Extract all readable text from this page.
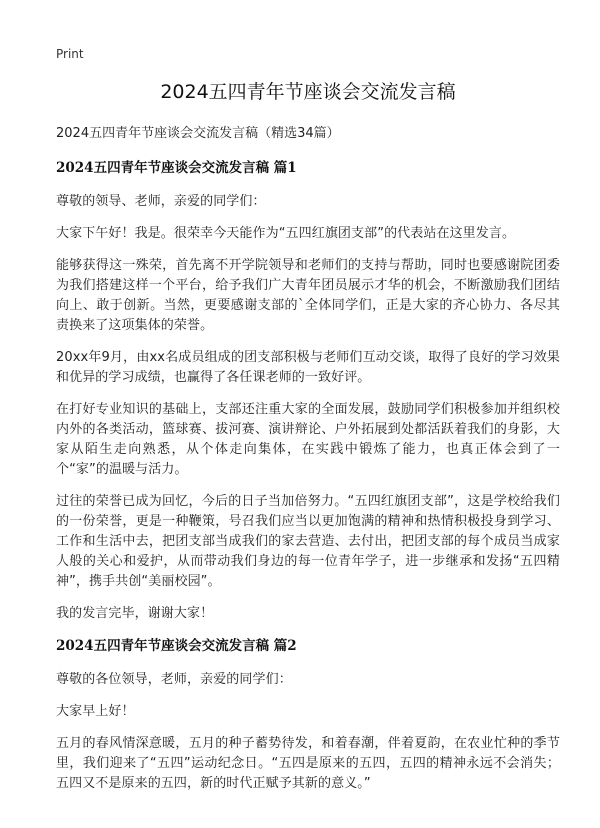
Print
2024五四青年节座谈会交流发言稿

2024五四青年节座谈会交流发言稿（精选34篇）

2024五四青年节座谈会交流发言稿 篇1

尊敬的领导、老师，亲爱的同学们：

大家下午好！我是。很荣幸今天能作为“五四红旗团支部”的代表站在这里发言。

能够获得这一殊荣，首先离不开学院领导和老师们的支持与帮助，同时也要感谢院团委为我们搭建这样一个平台，给予我们广大青年团员展示才华的机会，不断激励我们团结向上、敢于创新。当然，更要感谢支部的`全体同学们，正是大家的齐心协力、各尽其责换来了这项集体的荣誉。

20xx年9月，由xx名成员组成的团支部积极与老师们互动交谈，取得了良好的学习效果和优异的学习成绩，也赢得了各任课老师的一致好评。

在打好专业知识的基础上，支部还注重大家的全面发展，鼓励同学们积极参加并组织校内外的各类活动，篮球赛、拔河赛、演讲辩论、户外拓展到处都活跃着我们的身影，大家从陌生走向熟悉，从个体走向集体，在实践中锻炼了能力，也真正体会到了一个“家”的温暖与活力。

过往的荣誉已成为回忆，今后的日子当加倍努力。“五四红旗团支部”，这是学校给我们的一份荣誉，更是一种鞭策，号召我们应当以更加饱满的精神和热情积极投身到学习、工作和生活中去，把团支部当成我们的家去营造、去付出，把团支部的每个成员当成家人般的关心和爱护，从而带动我们身边的每一位青年学子，进一步继承和发扬“五四精神”，携手共创“美丽校园”。

我的发言完毕，谢谢大家！

2024五四青年节座谈会交流发言稿 篇2

尊敬的各位领导，老师，亲爱的同学们：

大家早上好！

五月的春风情深意暖，五月的种子蓄势待发，和着春潮，伴着夏韵，在农业忙种的季节里，我们迎来了“五四”运动纪念日。“五四是原来的五四，五四的精神永远不会消失；五四又不是原来的五四，新的时代正赋予其新的意义。”
